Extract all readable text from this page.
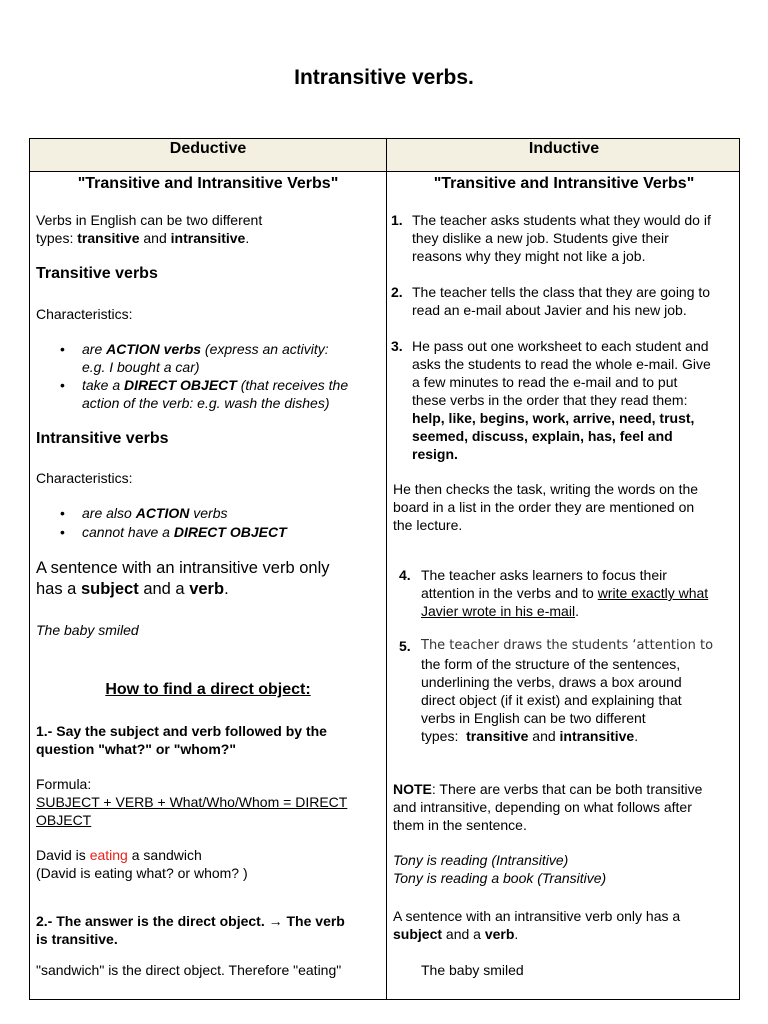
Intransitive verbs.
Deductive	Inductive
"Transitive and Intransitive Verbs"
Verbs in English can be two different
types: transitive and intransitive.
Transitive verbs
Characteristics:
• are ACTION verbs (express an activity:
e.g. I bought a car)
• take a DIRECT OBJECT (that receives the
action of the verb: e.g. wash the dishes)
Intransitive verbs
Characteristics:
• are also ACTION verbs
• cannot have a DIRECT OBJECT
A sentence with an intransitive verb only
has a subject and a verb.
The baby smiled
How to find a direct object:
1.- Say the subject and verb followed by the
question "what?" or "whom?"
Formula:
SUBJECT + VERB + What/Who/Whom = DIRECT
OBJECT
David is eating a sandwich
(David is eating what? or whom? )
2.- The answer is the direct object. → The verb
is transitive.
"sandwich" is the direct object. Therefore "eating"
"Transitive and Intransitive Verbs"
1. The teacher asks students what they would do if
they dislike a new job. Students give their
reasons why they might not like a job.
2. The teacher tells the class that they are going to
read an e-mail about Javier and his new job.
3. He pass out one worksheet to each student and
asks the students to read the whole e-mail. Give
a few minutes to read the e-mail and to put
these verbs in the order that they read them:
help, like, begins, work, arrive, need, trust,
seemed, discuss, explain, has, feel and
resign.
He then checks the task, writing the words on the
board in a list in the order they are mentioned on
the lecture.
4. The teacher asks learners to focus their
attention in the verbs and to write exactly what
Javier wrote in his e-mail.
5. The teacher draws the students ‘attention to
the form of the structure of the sentences,
underlining the verbs, draws a box around
direct object (if it exist) and explaining that
verbs in English can be two different
types:  transitive and intransitive.
NOTE: There are verbs that can be both transitive
and intransitive, depending on what follows after
them in the sentence.
Tony is reading (Intransitive)
Tony is reading a book (Transitive)
A sentence with an intransitive verb only has a
subject and a verb.
The baby smiled
